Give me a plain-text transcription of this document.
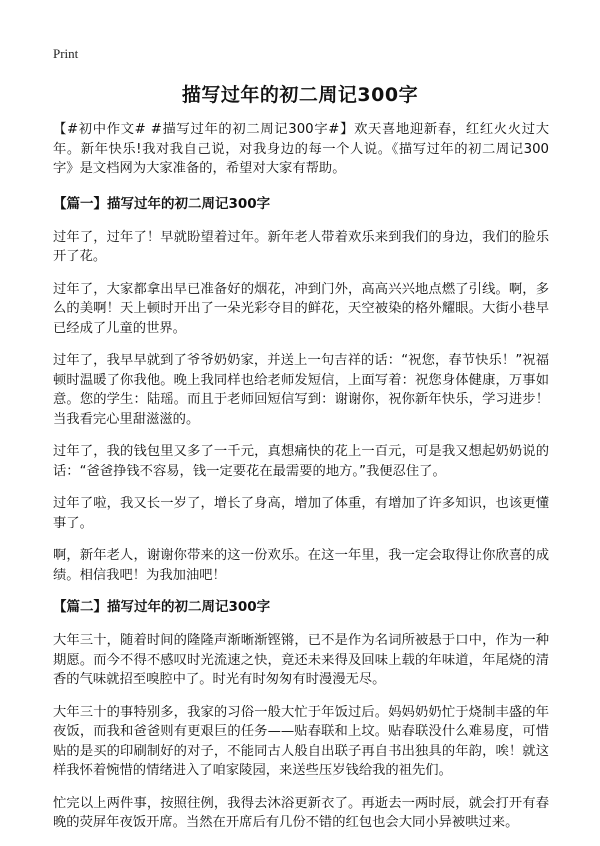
Print
描写过年的初二周记300字

【#初中作文# #描写过年的初二周记300字#】欢天喜地迎新春，红红火火过大年。新年快乐!我对我自己说，对我身边的每一个人说。《描写过年的初二周记300字》是文档网为大家准备的，希望对大家有帮助。

【篇一】描写过年的初二周记300字

过年了，过年了！早就盼望着过年。新年老人带着欢乐来到我们的身边，我们的脸乐开了花。

过年了，大家都拿出早已准备好的烟花，冲到门外，高高兴兴地点燃了引线。啊，多么的美啊！天上顿时开出了一朵光彩夺目的鲜花，天空被染的格外耀眼。大街小巷早已经成了儿童的世界。

过年了，我早早就到了爷爷奶奶家，并送上一句吉祥的话：“祝您，春节快乐！”祝福顿时温暖了你我他。晚上我同样也给老师发短信，上面写着：祝您身体健康，万事如意。您的学生：陆瑶。而且于老师回短信写到：谢谢你，祝你新年快乐，学习进步！当我看完心里甜滋滋的。

过年了，我的钱包里又多了一千元，真想痛快的花上一百元，可是我又想起奶奶说的话：“爸爸挣钱不容易，钱一定要花在最需要的地方。”我便忍住了。

过年了啦，我又长一岁了，增长了身高，增加了体重，有增加了许多知识，也该更懂事了。

啊，新年老人，谢谢你带来的这一份欢乐。在这一年里，我一定会取得让你欣喜的成绩。相信我吧！为我加油吧！

【篇二】描写过年的初二周记300字

大年三十，随着时间的隆隆声渐晰渐铿锵，已不是作为名词所被悬于口中，作为一种期愿。而今不得不感叹时光流速之快，竟还未来得及回味上载的年味道，年尾烧的清香的气味就招至嗅腔中了。时光有时匆匆有时漫漫无尽。

大年三十的事特别多，我家的习俗一般大忙于年饭过后。妈妈奶奶忙于烧制丰盛的年夜饭，而我和爸爸则有更艰巨的任务——贴春联和上坟。贴春联没什么难易度，可惜贴的是买的印刷制好的对子，不能同古人般自出联子再自书出独具的年韵，唉！就这样我怀着惋惜的情绪进入了咱家陵园，来送些压岁钱给我的祖先们。

忙完以上两件事，按照往例，我得去沐浴更新衣了。再逝去一两时辰，就会打开有春晚的荧屏年夜饭开席。当然在开席后有几份不错的红包也会大同小异被哄过来。
